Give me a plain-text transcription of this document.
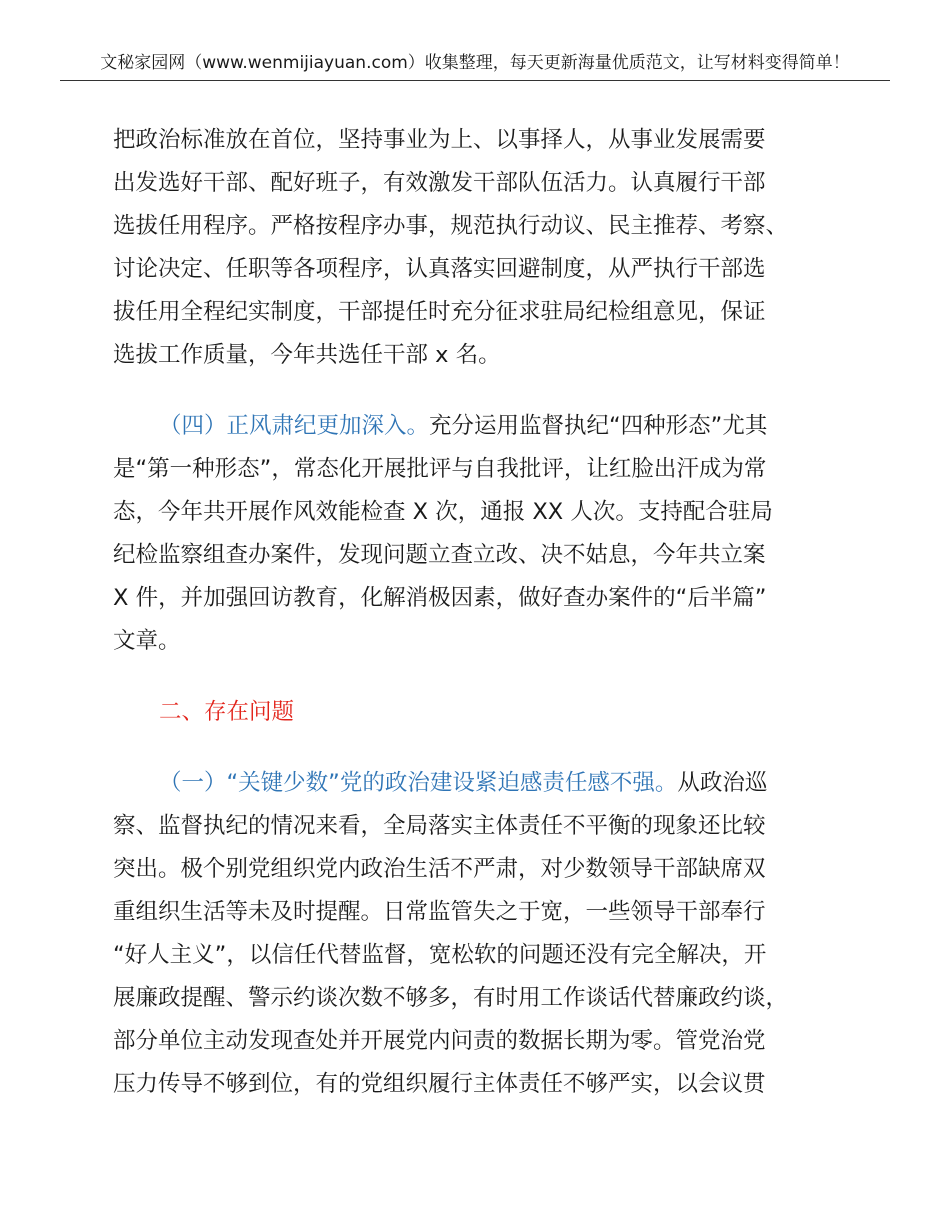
文秘家园网（www.wenmijiayuan.com）收集整理，每天更新海量优质范文，让写材料变得简单！
把政治标准放在首位，坚持事业为上、以事择人，从事业发展需要
出发选好干部、配好班子，有效激发干部队伍活力。认真履行干部
选拔任用程序。严格按程序办事，规范执行动议、民主推荐、考察、
讨论决定、任职等各项程序，认真落实回避制度，从严执行干部选
拔任用全程纪实制度，干部提任时充分征求驻局纪检组意见，保证
选拔工作质量，今年共选任干部 x 名。
（四）正风肃纪更加深入。充分运用监督执纪“四种形态”尤其
是“第一种形态”，常态化开展批评与自我批评，让红脸出汗成为常
态，今年共开展作风效能检查 X 次，通报 XX 人次。支持配合驻局
纪检监察组查办案件，发现问题立查立改、决不姑息，今年共立案
X 件，并加强回访教育，化解消极因素，做好查办案件的“后半篇”
文章。
二、存在问题
（一）“关键少数”党的政治建设紧迫感责任感不强。从政治巡
察、监督执纪的情况来看，全局落实主体责任不平衡的现象还比较
突出。极个别党组织党内政治生活不严肃，对少数领导干部缺席双
重组织生活等未及时提醒。日常监管失之于宽，一些领导干部奉行
“好人主义”，以信任代替监督，宽松软的问题还没有完全解决，开
展廉政提醒、警示约谈次数不够多，有时用工作谈话代替廉政约谈，
部分单位主动发现查处并开展党内问责的数据长期为零。管党治党
压力传导不够到位，有的党组织履行主体责任不够严实，以会议贯
